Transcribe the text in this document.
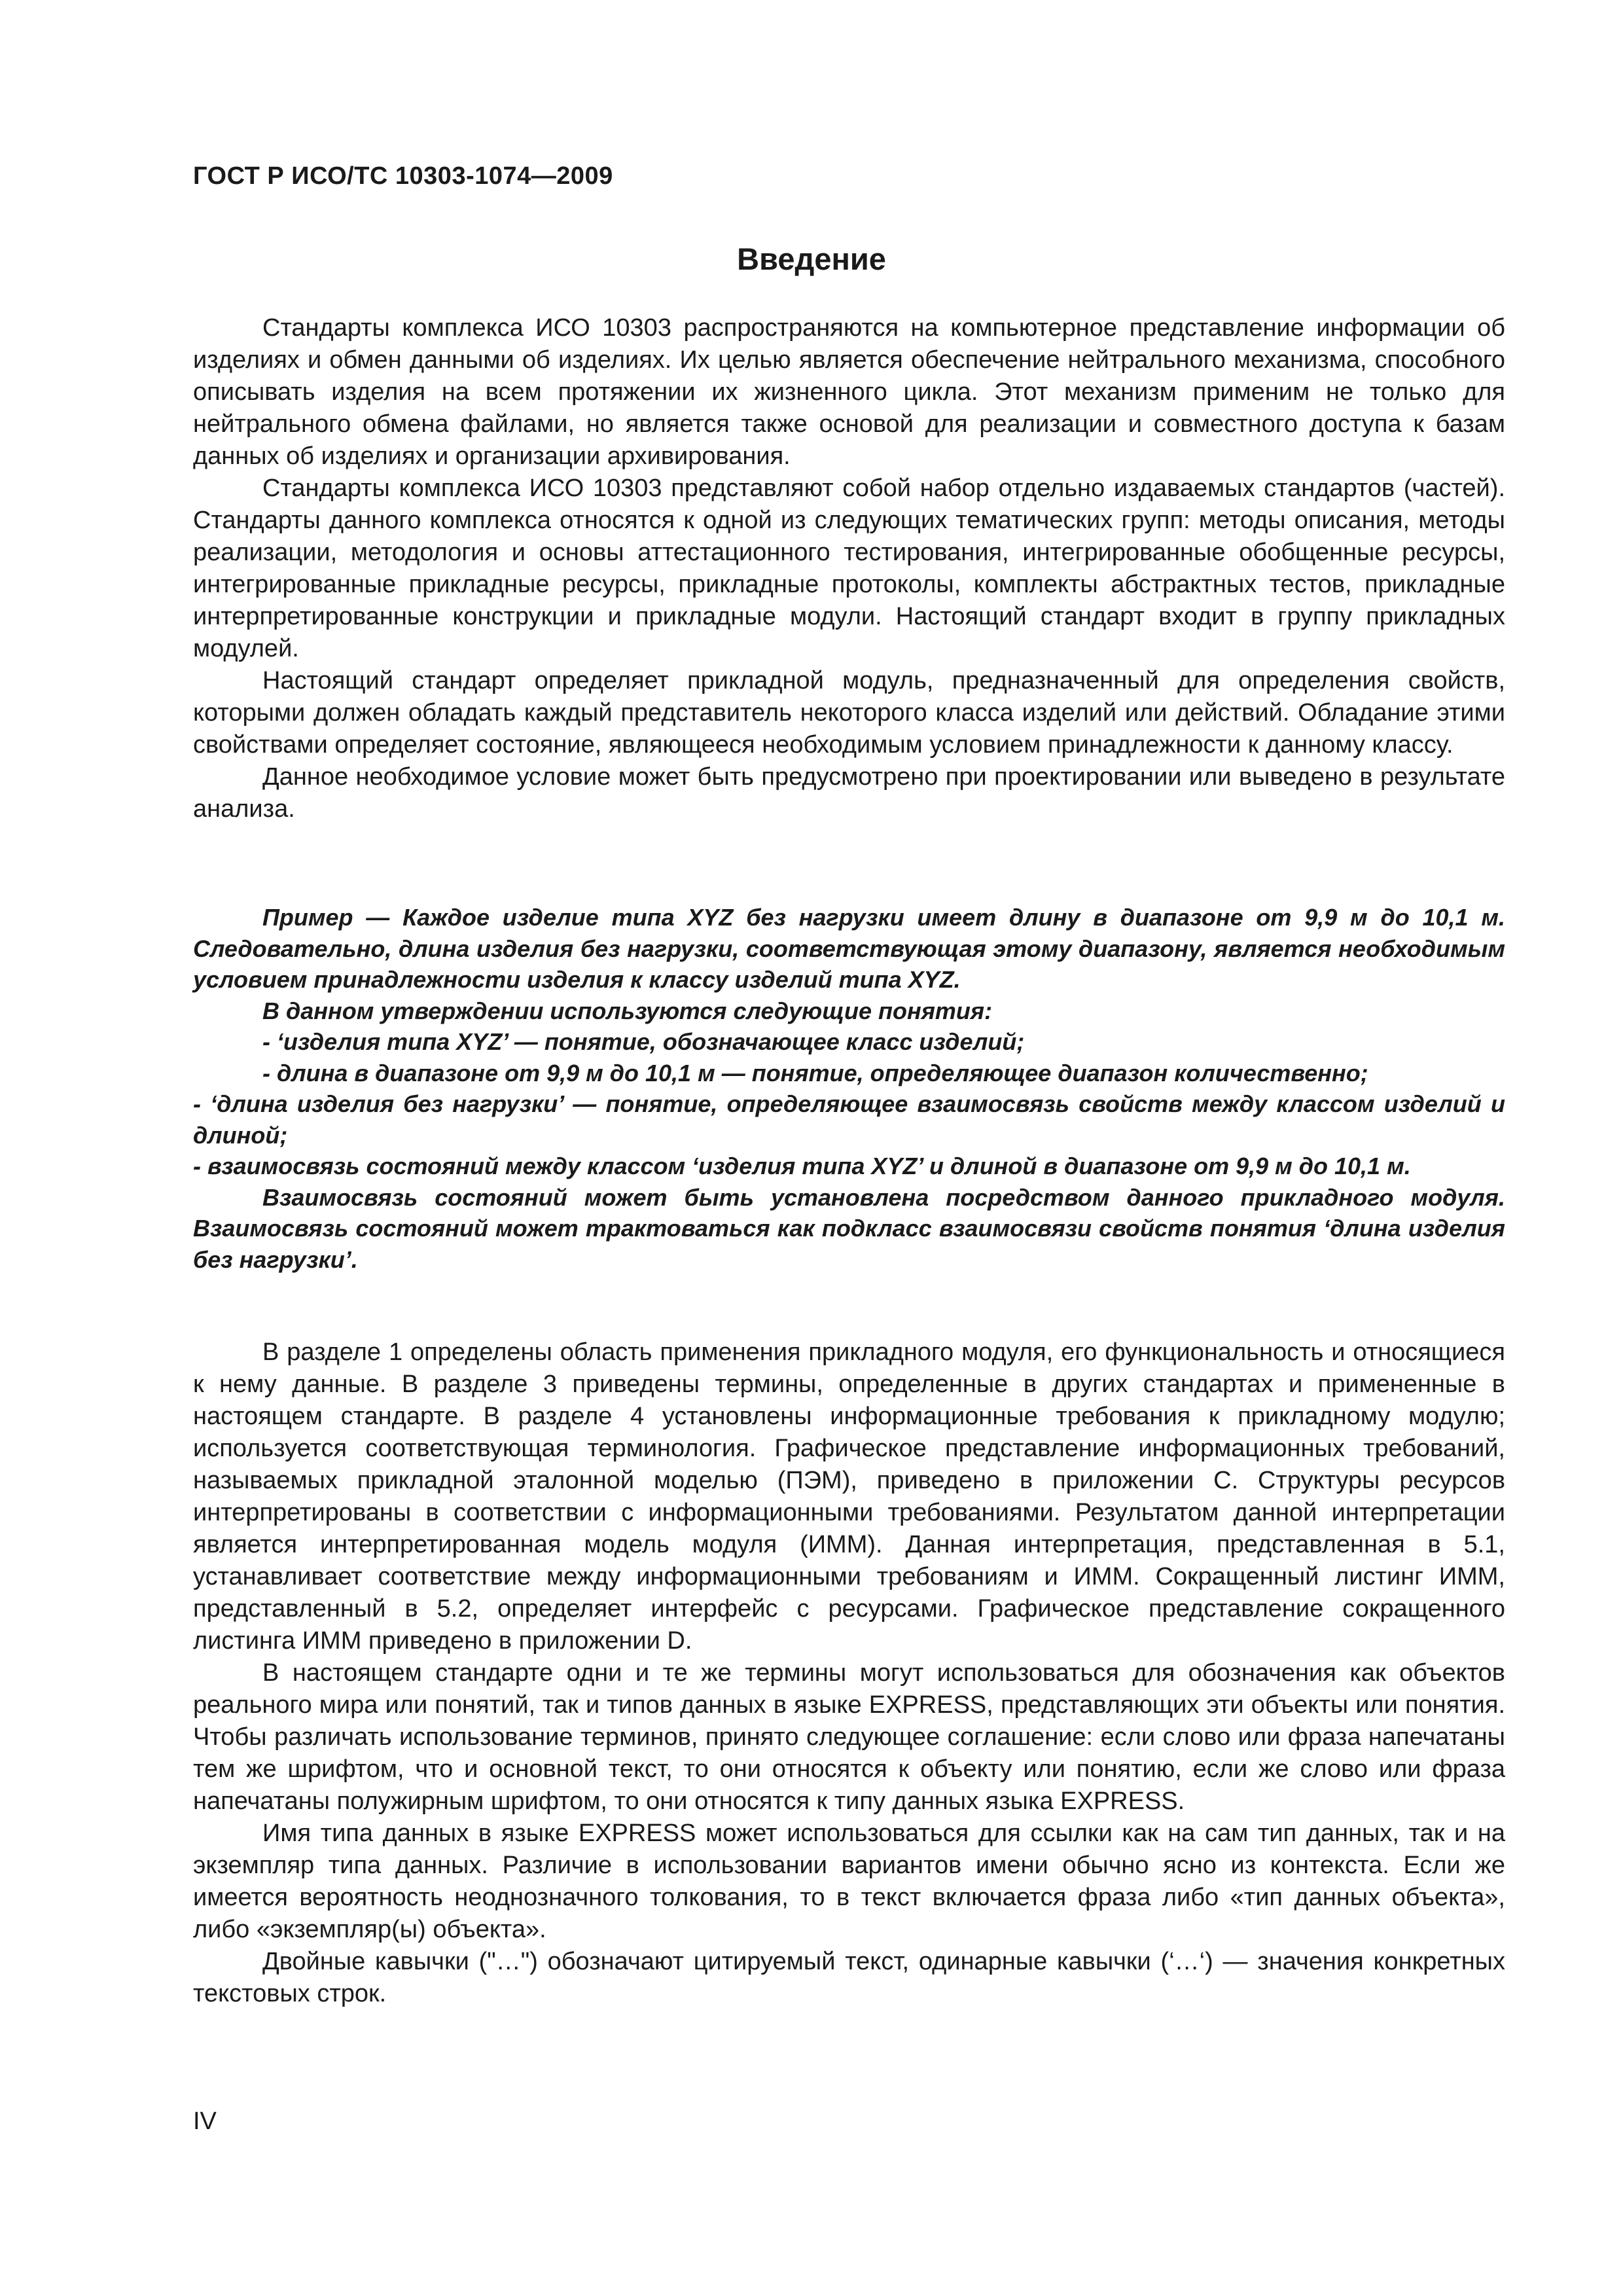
ГОСТ Р ИСО/ТС 10303-1074—2009
Введение

Стандарты комплекса ИСО 10303 распространяются на компьютерное представление информации об изделиях и обмен данными об изделиях. Их целью является обеспечение нейтрального механизма, способного описывать изделия на всем протяжении их жизненного цикла. Этот механизм применим не только для нейтрального обмена файлами, но является также основой для реализации и совместного доступа к базам данных об изделиях и организации архивирования.

Стандарты комплекса ИСО 10303 представляют собой набор отдельно издаваемых стандартов (частей). Стандарты данного комплекса относятся к одной из следующих тематических групп: методы описания, методы реализации, методология и основы аттестационного тестирования, интегрированные обобщенные ресурсы, интегрированные прикладные ресурсы, прикладные протоколы, комплекты абстрактных тестов, прикладные интерпретированные конструкции и прикладные модули. Настоящий стандарт входит в группу прикладных модулей.

Настоящий стандарт определяет прикладной модуль, предназначенный для определения свойств, которыми должен обладать каждый представитель некоторого класса изделий или действий. Обладание этими свойствами определяет состояние, являющееся необходимым условием принадлежности к данному классу.

Данное необходимое условие может быть предусмотрено при проектировании или выведено в результате анализа.

Пример — Каждое изделие типа XYZ без нагрузки имеет длину в диапазоне от 9,9 м до 10,1 м. Следовательно, длина изделия без нагрузки, соответствующая этому диапазону, является необходимым условием принадлежности изделия к классу изделий типа XYZ.

В данном утверждении используются следующие понятия:

- ‘изделия типа XYZ’ — понятие, обозначающее класс изделий;

- длина в диапазоне от 9,9 м до 10,1 м — понятие, определяющее диапазон количественно;

- ‘длина изделия без нагрузки’ — понятие, определяющее взаимосвязь свойств между классом изделий и длиной;

- взаимосвязь состояний между классом ‘изделия типа XYZ’ и длиной в диапазоне от 9,9 м до 10,1 м.

Взаимосвязь состояний может быть установлена посредством данного прикладного модуля. Взаимосвязь состояний может трактоваться как подкласс взаимосвязи свойств понятия ‘длина изделия без нагрузки’.

В разделе 1 определены область применения прикладного модуля, его функциональность и относящиеся к нему данные. В разделе 3 приведены термины, определенные в других стандартах и примененные в настоящем стандарте. В разделе 4 установлены информационные требования к прикладному модулю; используется соответствующая терминология. Графическое представление информационных требований, называемых прикладной эталонной моделью (ПЭМ), приведено в приложении С. Структуры ресурсов интерпретированы в соответствии с информационными требованиями. Результатом данной интерпретации является интерпретированная модель модуля (ИММ). Данная интерпретация, представленная в 5.1, устанавливает соответствие между информационными требованиям и ИММ. Сокращенный листинг ИММ, представленный в 5.2, определяет интерфейс с ресурсами. Графическое представление сокращенного листинга ИММ приведено в приложении D.

В настоящем стандарте одни и те же термины могут использоваться для обозначения как объектов реального мира или понятий, так и типов данных в языке EXPRESS, представляющих эти объекты или понятия. Чтобы различать использование терминов, принято следующее соглашение: если слово или фраза напечатаны тем же шрифтом, что и основной текст, то они относятся к объекту или понятию, если же слово или фраза напечатаны полужирным шрифтом, то они относятся к типу данных языка EXPRESS.

Имя типа данных в языке EXPRESS может использоваться для ссылки как на сам тип данных, так и на экземпляр типа данных. Различие в использовании вариантов имени обычно ясно из контекста. Если же имеется вероятность неоднозначного толкования, то в текст включается фраза либо «тип данных объекта», либо «экземпляр(ы) объекта».

Двойные кавычки ("…") обозначают цитируемый текст, одинарные кавычки (‘…‘) — значения конкретных текстовых строк.

IV
